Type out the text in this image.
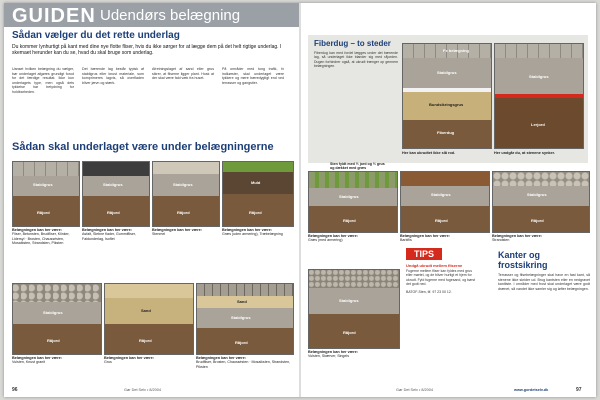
GUIDEN Udendørs belægning
Sådan vælger du det rette underlag
Du kommer lynhurtigt på kant med dine nye flotte fliser, hvis du ikke sørger for at lægge dem på det helt rigtige underlag. I skemaet herunder kan du se, hvad du skal bruge som underlag.
Uanset hvilken belægning du vælger, bør underlaget afgøres grundigt forud for det færdige resultat. Ikke kun underlagets type, men også dets tykkelse har betydning for holdbarheden.
Det bærende lag består typisk af stabilgrus eller knust materiale, som komprimeres lagvis, så overfladen bliver jævn og stærk.
Afretningslaget af sand eller grus sikrer, at fliserne ligger plant. Husk at der skal være fald væk fra huset.
På områder med tung trafik, fx indkørsler, skal underlaget være tykkere og mere bæredygtigt end ved terrasser og gangstier.
Sådan skal underlaget være under belægningerne
Stabilgrus
Råjord
Stabilgrus
Råjord
Stabilgrus
Råjord
Muld
Råjord
Belægningen kan her være:
Fliser, Betonsten, Brudfliser, Klinker, Lidersyl · Brosten, Chaussésten, Mosaiksten, Strandsten, Piksten
Belægningen kan her være:
Asfalt, Slebne flader, Gummifliser, Faldunderlag, Isoflet
Belægningen kan her være:
Stenmel
Belægningen kan her være:
Græs (uden armering), Træbelægning
Stabilgrus
Råjord
Sand
Råjord
Sand
Stabilgrus
Råjord
Belægningen kan her være:
Vulsten, Knust granit
Belægningen kan her være:
Grus
Belægningen kan her være:
Brudfliser, Brosten, Chaussésten · Mosaiksten, Strandsten, Piksten
96	Gør Det Selv • 8/2004
Fiberdug – to steder
Fiberdug kan med fordel lægges under det bærende lag, så underlaget ikke blander sig med råjorden. Dugen forhindrer også, at ukrudt trænger op gennem belægningen.
Fx belægning
Stabilgrus
Bundsikringsgrus
Fiberdug
Stabilgrus
Lerjord
Her kan ukrudtet ikke slå rod.	Her undgår du, at stenene synker.
Stabilgrus
Råjord
Sten fyldt med ½ jord og ½ grus og dækket med græs
Stabilgrus
Råjord
Stabilgrus
Råjord
Belægningen kan her være:
Græs (med armering)
Belægningen kan her være:
Barkflis
Belægningen kan her være:
Strandsten
Stabilgrus
Råjord
Belægningen kan her være:
Vulsten, Skærver, Singels
TIPS
Undgå ukrudt mellem fliserne
Fugerne mellem fliser kan fyldes med grus eller mørtel, og de bliver hurtigt et hjem for ukrudt. Fyld fugerne med fugesand, og børst det godt ned.

BATOF-Sten, tlf. 97 23 00 12.
Kanter og frostsikring
Terrasser og flisebelægninger skal have en fast kant, så stenene ikke skrider ud. Brug kantsten eller en nedgravet kantliste. I områder med frost skal underlaget være godt drænet, så vandet ikke samler sig og løfter belægningen.
Gør Det Selv • 8/2004	www.gordetselv.dk	97
